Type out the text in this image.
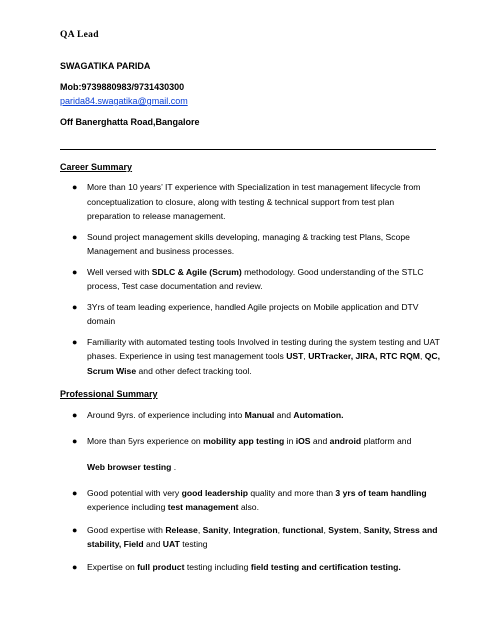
QA Lead
SWAGATIKA PARIDA
Mob:9739880983/9731430300
parida84.swagatika@gmail.com
Off Banerghatta Road,Bangalore
Career Summary
● More than 10 years’ IT experience with Specialization in test management lifecycle from conceptualization to closure, along with testing & technical support from test plan preparation to release management.
● Sound project management skills developing, managing & tracking test Plans, Scope Management and business processes.
● Well versed with SDLC & Agile (Scrum) methodology. Good understanding of the STLC process, Test case documentation and review.
● 3Yrs of team leading experience, handled Agile projects on Mobile application and DTV domain
● Familiarity with automated testing tools Involved in testing during the system testing and UAT phases. Experience in using test management tools UST, URTracker, JIRA, RTC RQM, QC, Scrum Wise and other defect tracking tool.
Professional Summary
● Around 9yrs. of experience including into Manual and Automation.
● More than 5yrs experience on mobility app testing in iOS and android platform and
Web browser testing .
● Good potential with very good leadership quality and more than 3 yrs of team handling experience including test management also.
● Good expertise with Release, Sanity, Integration, functional, System, Sanity, Stress and stability, Field and UAT testing
● Expertise on full product testing including field testing and certification testing.
